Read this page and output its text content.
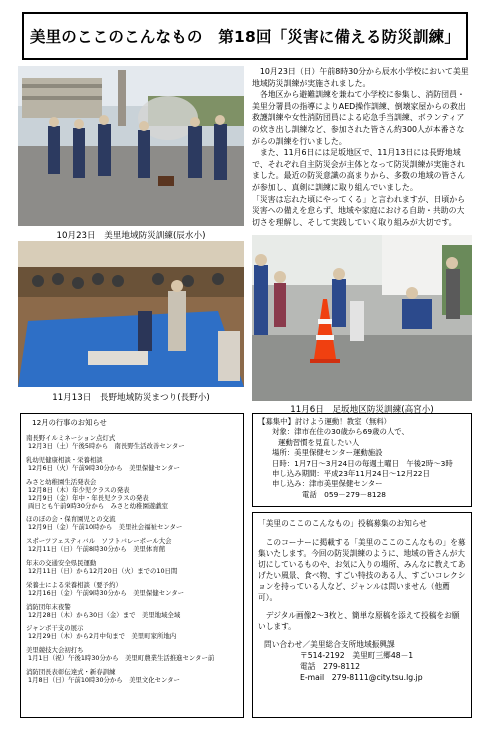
美里のここのこんなもの　第18回「災害に備える防災訓練」
10月23日　美里地域防災訓練(辰水小)
11月13日　長野地域防災まつり(長野小)
11月6日　足坂地区防災訓練(高宮小)

10月23日（日）午前8時30分から辰水小学校において美里地域防災訓練が実施されました。

各地区から避難訓練を兼ねて小学校に参集し、消防団員・美里分署員の指導によりAED操作訓練、倒壊家屋からの救出救護訓練や女性消防団員による応急手当訓練、ボランティアの炊き出し訓練など、参加された皆さん約300人が本番さながらの訓練を行いました。

また、11月6日には足坂地区で、11月13日には長野地域で、それぞれ自主防災会が主体となって防災訓練が実施されました。最近の防災意識の高まりから、多数の地域の皆さんが参加し、真剣に訓練に取り組んでいました。

「災害は忘れた頃にやってくる」と言われますが、日頃から災害への備えを怠らず、地域や家庭における自助・共助の大切さを理解し、そして実践していく取り組みが大切です。

12月の行事のお知らせ
南長野イルミネーション点灯式
12月3日（土）午後5時から　南長野生活改善センター
乳幼児健康相談・栄養相談
12月6日（火）午前9時30分から　美里保健センター
みさと幼稚園生活発表会
12月8日（木）年少児クラスの発表
12月9日（金）年中・年長児クラスの発表
両日とも午前9時30分から　みさと幼稚園遊戯室
ほのぼの会・保育園児との交流
12月9日（金）午前10時から　美里社会福祉センター
スポーツフェスティバル　ソフトバレーボール大会
12月11日（日）午前8時30分から　美里体育館
年末の交通安全県民運動
12月11日（日）から12月20日（火）までの10日間
栄養士による栄養相談（要予約）
12月16日（金）午前9時30分から　美里保健センター
消防団年末夜警
12月28日（木）から30日（金）まで　美里地域全域
ジャンボ干支の展示
12月29日（木）から2月中旬まで　美里町家所地内
美里競技大会初打ち
1月1日（祝）午後1時30分から　美里町農業生活推進センター前
消防団長表彰伝達式・新春訓練
1月8日（日）午前10時30分から　美里文化センター
【募集中】討けよう運動！教室（無料）
対象：津市在住の30歳から69歳の人で、
運動習慣を見直したい人
場所：美里保健センター運動施設
日時：1月7日～3月24日の毎週土曜日　午後2時～3時
申し込み期間：平成23年11月24日～12月22日
申し込み：津市美里保健センター
電話　059－279－8128
「美里のここのこんなもの」投稿募集のお知らせ

このコーナーに掲載する「美里のここのこんなもの」を募集いたします。今回の防災訓練のように、地域の皆さんが大切にしているものや、お気に入りの場所、みんなに教えてあげたい風景、食べ物、すごい特技のある人、すごいコレクションを持っている人など、ジャンルは問いません（他薦可）。

デジタル画像2～3枚と、簡単な原稿を添えて投稿をお願いします。

問い合わせ／美里総合支所地域振興課
〒514-2192　美里町三郷48－1
電話　279-8112
E-mail　279-8111@city.tsu.lg.jp
